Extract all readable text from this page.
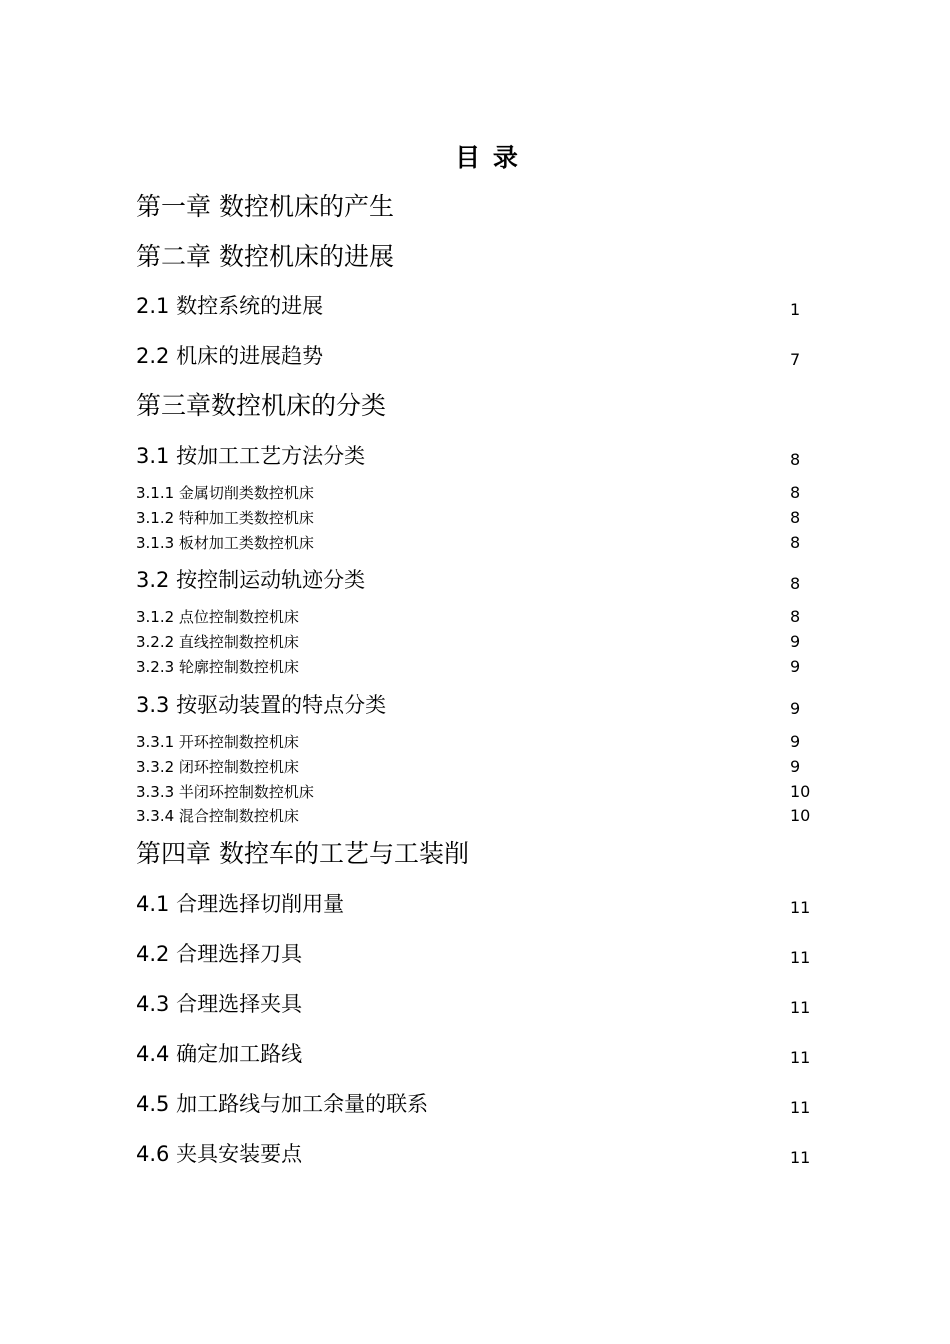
目 录
第一章 数控机床的产生
第二章 数控机床的进展
2.1 数控系统的进展	1
2.2 机床的进展趋势	7
第三章数控机床的分类
3.1 按加工工艺方法分类	8
3.1.1 金属切削类数控机床	8
3.1.2 特种加工类数控机床	8
3.1.3 板材加工类数控机床	8
3.2 按控制运动轨迹分类	8
3.1.2 点位控制数控机床	8
3.2.2 直线控制数控机床	9
3.2.3 轮廓控制数控机床	9
3.3 按驱动装置的特点分类	9
3.3.1 开环控制数控机床	9
3.3.2 闭环控制数控机床	9
3.3.3 半闭环控制数控机床	10
3.3.4 混合控制数控机床	10
第四章 数控车的工艺与工装削
4.1 合理选择切削用量	11
4.2 合理选择刀具	11
4.3 合理选择夹具	11
4.4 确定加工路线	11
4.5 加工路线与加工余量的联系	11
4.6 夹具安装要点	11
